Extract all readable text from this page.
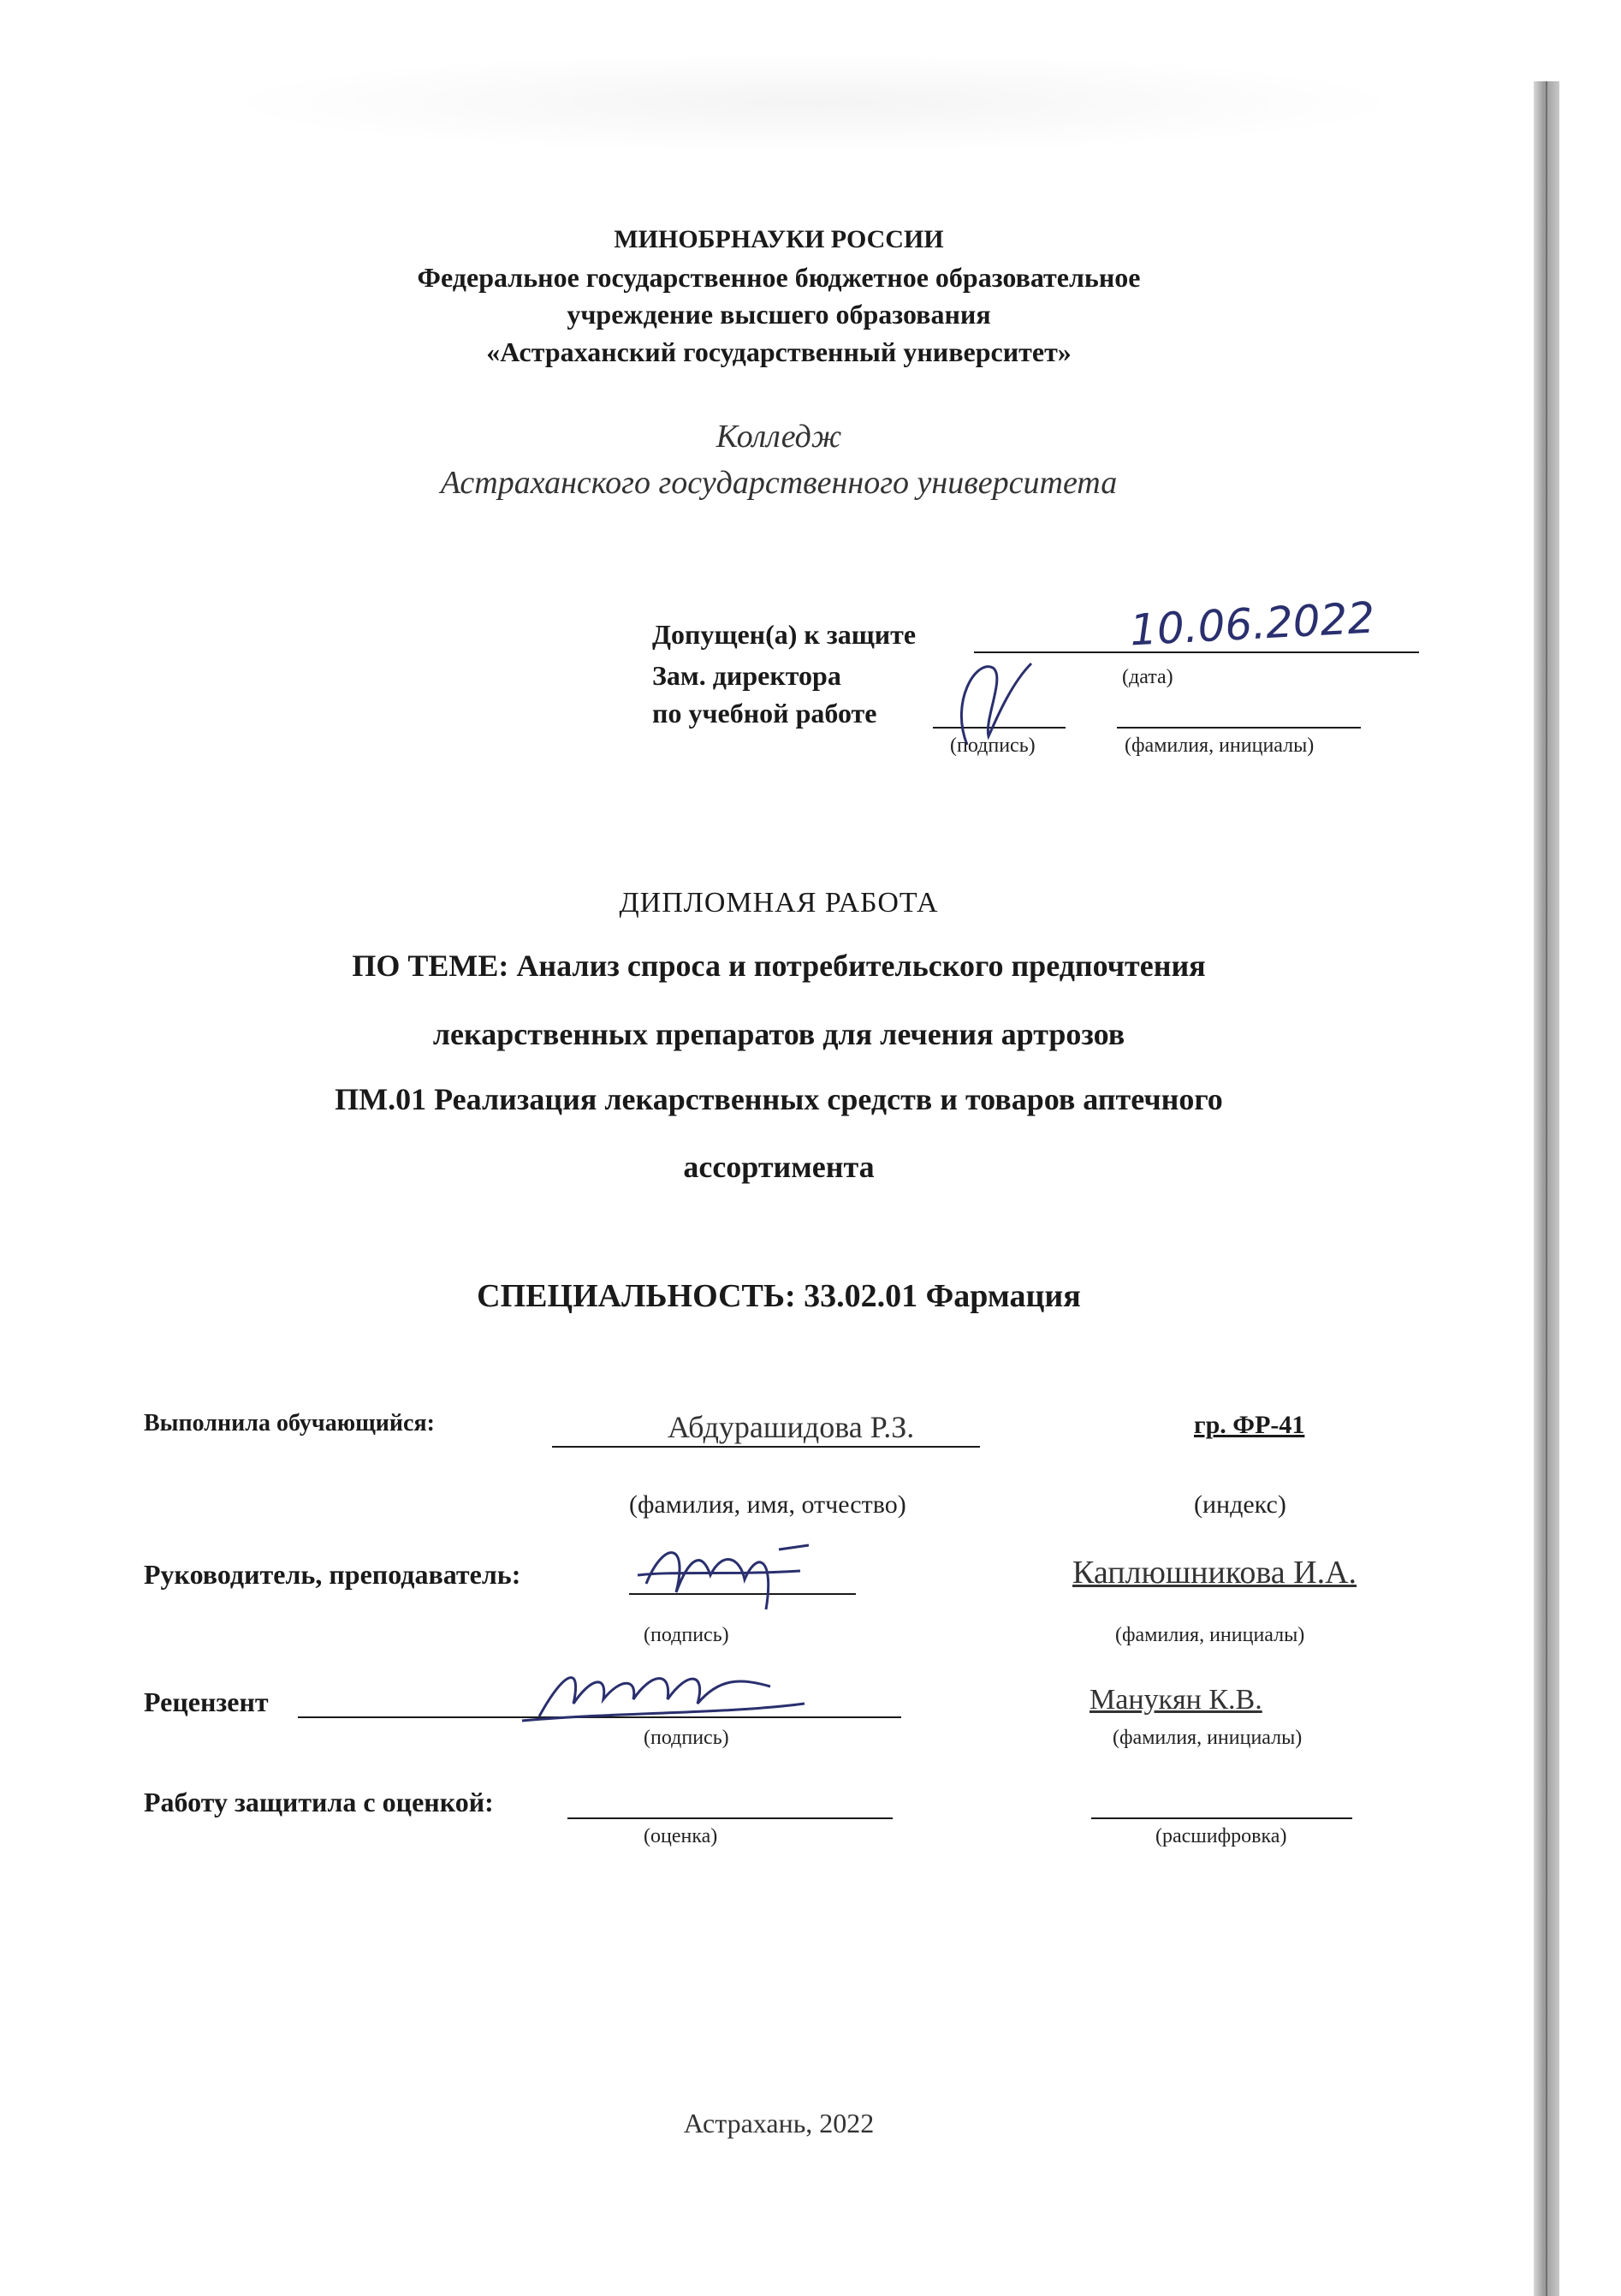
МИНОБРНАУКИ РОССИИ
Федеральное государственное бюджетное образовательное
учреждение высшего образования
«Астраханский государственный университет»
Колледж
Астраханского государственного университета
Допущен(а) к защите	10.06.2022
(дата)
Зам. директора
по учебной работе
(подпись)	(фамилия, инициалы)
ДИПЛОМНАЯ РАБОТА
ПО ТЕМЕ: Анализ спроса и потребительского предпочтения
лекарственных препаратов для лечения артрозов
ПМ.01 Реализация лекарственных средств и товаров аптечного
ассортимента
СПЕЦИАЛЬНОСТЬ: 33.02.01 Фармация
Выполнила обучающийся:	Абдурашидова Р.З.	гр. ФР-41
(фамилия, имя, отчество)	(индекс)
Руководитель, преподаватель:	Каплюшникова И.А.
(подпись)	(фамилия, инициалы)
Рецензент	Манукян К.В.
(подпись)	(фамилия, инициалы)
Работу защитила с оценкой:
(оценка)	(расшифровка)
Астрахань, 2022
